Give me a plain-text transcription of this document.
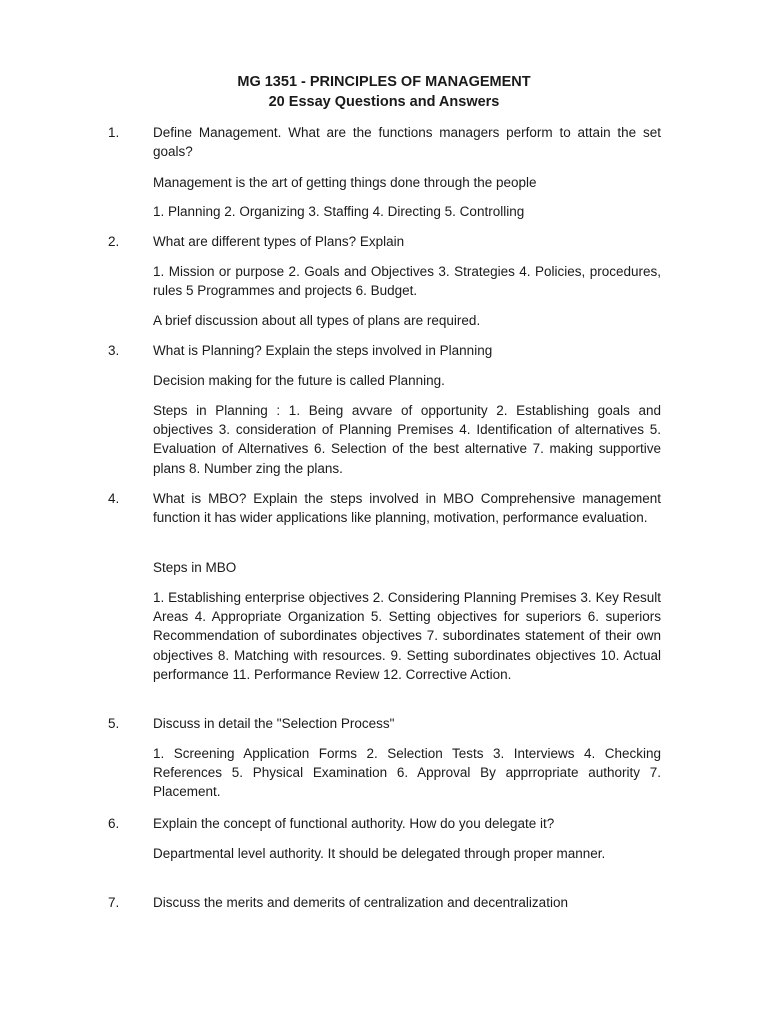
MG 1351 - PRINCIPLES OF MANAGEMENT
20 Essay Questions and Answers
1. Define Management. What are the functions managers perform to attain the set goals?
Management is the art of getting things done through the people
1. Planning 2. Organizing 3. Staffing 4. Directing 5. Controlling
2. What are different types of Plans? Explain
1. Mission or purpose 2. Goals and Objectives 3. Strategies 4. Policies, procedures, rules 5 Programmes and projects 6. Budget.
A brief discussion about all types of plans are required.
3. What is Planning? Explain the steps involved in Planning
Decision making for the future is called Planning.
Steps in Planning : 1. Being avvare of opportunity 2. Establishing goals and objectives 3. consideration of Planning Premises 4. Identification of alternatives 5. Evaluation of Alternatives 6. Selection of the best alternative 7. making supportive plans 8. Number zing the plans.
4. What is MBO? Explain the steps involved in MBO Comprehensive management function it has wider applications like planning, motivation, performance evaluation.
Steps in MBO
1. Establishing enterprise objectives 2. Considering Planning Premises 3. Key Result Areas 4. Appropriate Organization 5. Setting objectives for superiors 6. superiors Recommendation of subordinates objectives 7. subordinates statement of their own objectives 8. Matching with resources. 9. Setting subordinates objectives 10. Actual performance 11. Performance Review 12. Corrective Action.
5. Discuss in detail the "Selection Process"
1. Screening Application Forms 2. Selection Tests 3. Interviews 4. Checking References 5. Physical Examination 6. Approval By apprropriate authority 7. Placement.
6. Explain the concept of functional authority. How do you delegate it?
Departmental level authority. It should be delegated through proper manner.
7. Discuss the merits and demerits of centralization and decentralization
